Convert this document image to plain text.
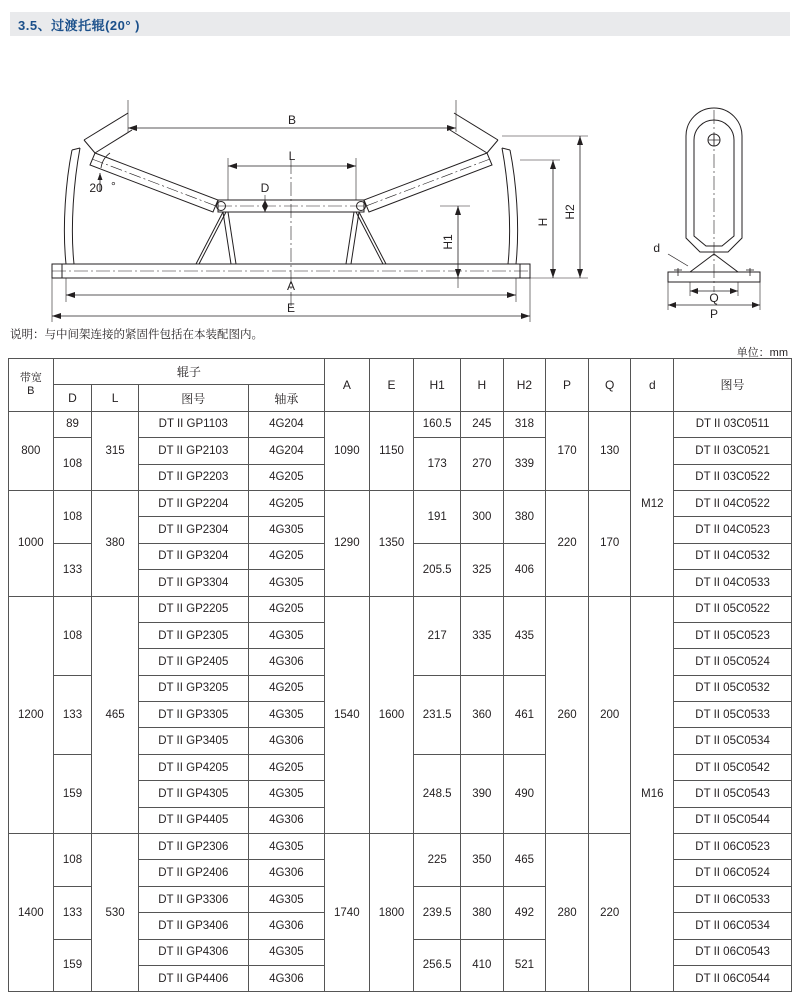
3.5、过渡托辊(20° )
B
L
A
E
H2
H
H1
D
20 °
Q
P
d
说明：与中间架连接的紧固件包括在本装配图内。
单位：mm
带宽
B	辊子				A	E	H1	H	H2	P	Q	d	图号
	D	L	图号	轴承									
800	89	315	DT II GP1103	4G204	1090	1150	160.5	245	318	170	130	M12	DT II 03C0511
	108		DT II GP2103	4G204			173	270	339				DT II 03C0521
			DT II GP2203	4G205									DT II 03C0522
1000	108	380	DT II GP2204	4G205	1290	1350	191	300	380	220	170		DT II 04C0522
			DT II GP2304	4G305									DT II 04C0523
	133		DT II GP3204	4G205			205.5	325	406				DT II 04C0532
			DT II GP3304	4G305									DT II 04C0533
1200	108	465	DT II GP2205	4G205	1540	1600	217	335	435	260	200	M16	DT II 05C0522
			DT II GP2305	4G305									DT II 05C0523
			DT II GP2405	4G306									DT II 05C0524
	133		DT II GP3205	4G205			231.5	360	461				DT II 05C0532
			DT II GP3305	4G305									DT II 05C0533
			DT II GP3405	4G306									DT II 05C0534
	159		DT II GP4205	4G205			248.5	390	490				DT II 05C0542
			DT II GP4305	4G305									DT II 05C0543
			DT II GP4405	4G306									DT II 05C0544
1400	108	530	DT II GP2306	4G305	1740	1800	225	350	465	280	220		DT II 06C0523
			DT II GP2406	4G306									DT II 06C0524
	133		DT II GP3306	4G305			239.5	380	492				DT II 06C0533
			DT II GP3406	4G306									DT II 06C0534
	159		DT II GP4306	4G305			256.5	410	521				DT II 06C0543
			DT II GP4406	4G306									DT II 06C0544
